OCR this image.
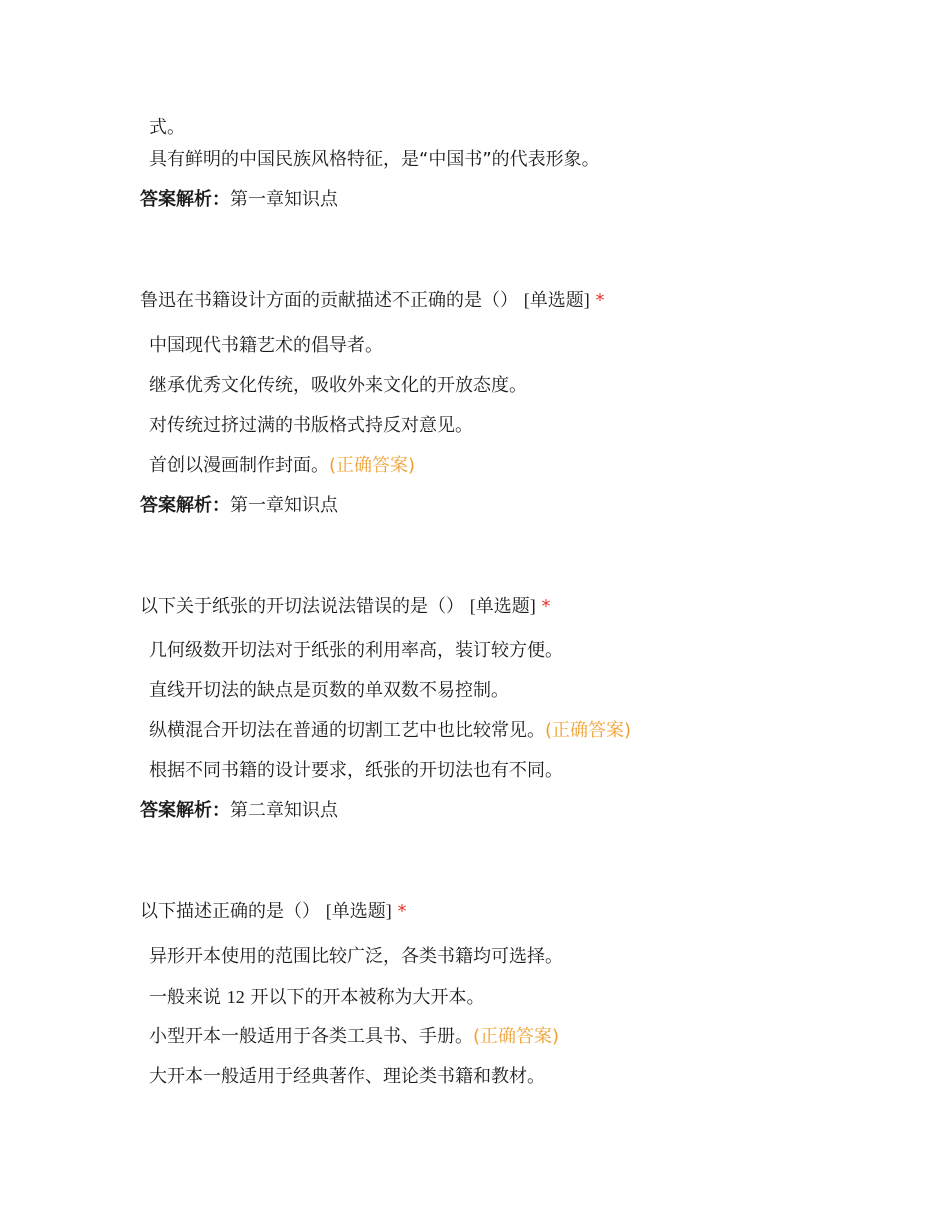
式。
具有鲜明的中国民族风格特征，是“中国书”的代表形象。
答案解析：第一章知识点
鲁迅在书籍设计方面的贡献描述不正确的是（） [单选题] *
中国现代书籍艺术的倡导者。
继承优秀文化传统，吸收外来文化的开放态度。
对传统过挤过满的书版格式持反对意见。
首创以漫画制作封面。(正确答案)
答案解析：第一章知识点
以下关于纸张的开切法说法错误的是（） [单选题] *
几何级数开切法对于纸张的利用率高，装订较方便。
直线开切法的缺点是页数的单双数不易控制。
纵横混合开切法在普通的切割工艺中也比较常见。(正确答案)
根据不同书籍的设计要求，纸张的开切法也有不同。
答案解析：第二章知识点
以下描述正确的是（） [单选题] *
异形开本使用的范围比较广泛，各类书籍均可选择。
一般来说 12 开以下的开本被称为大开本。
小型开本一般适用于各类工具书、手册。(正确答案)
大开本一般适用于经典著作、理论类书籍和教材。
